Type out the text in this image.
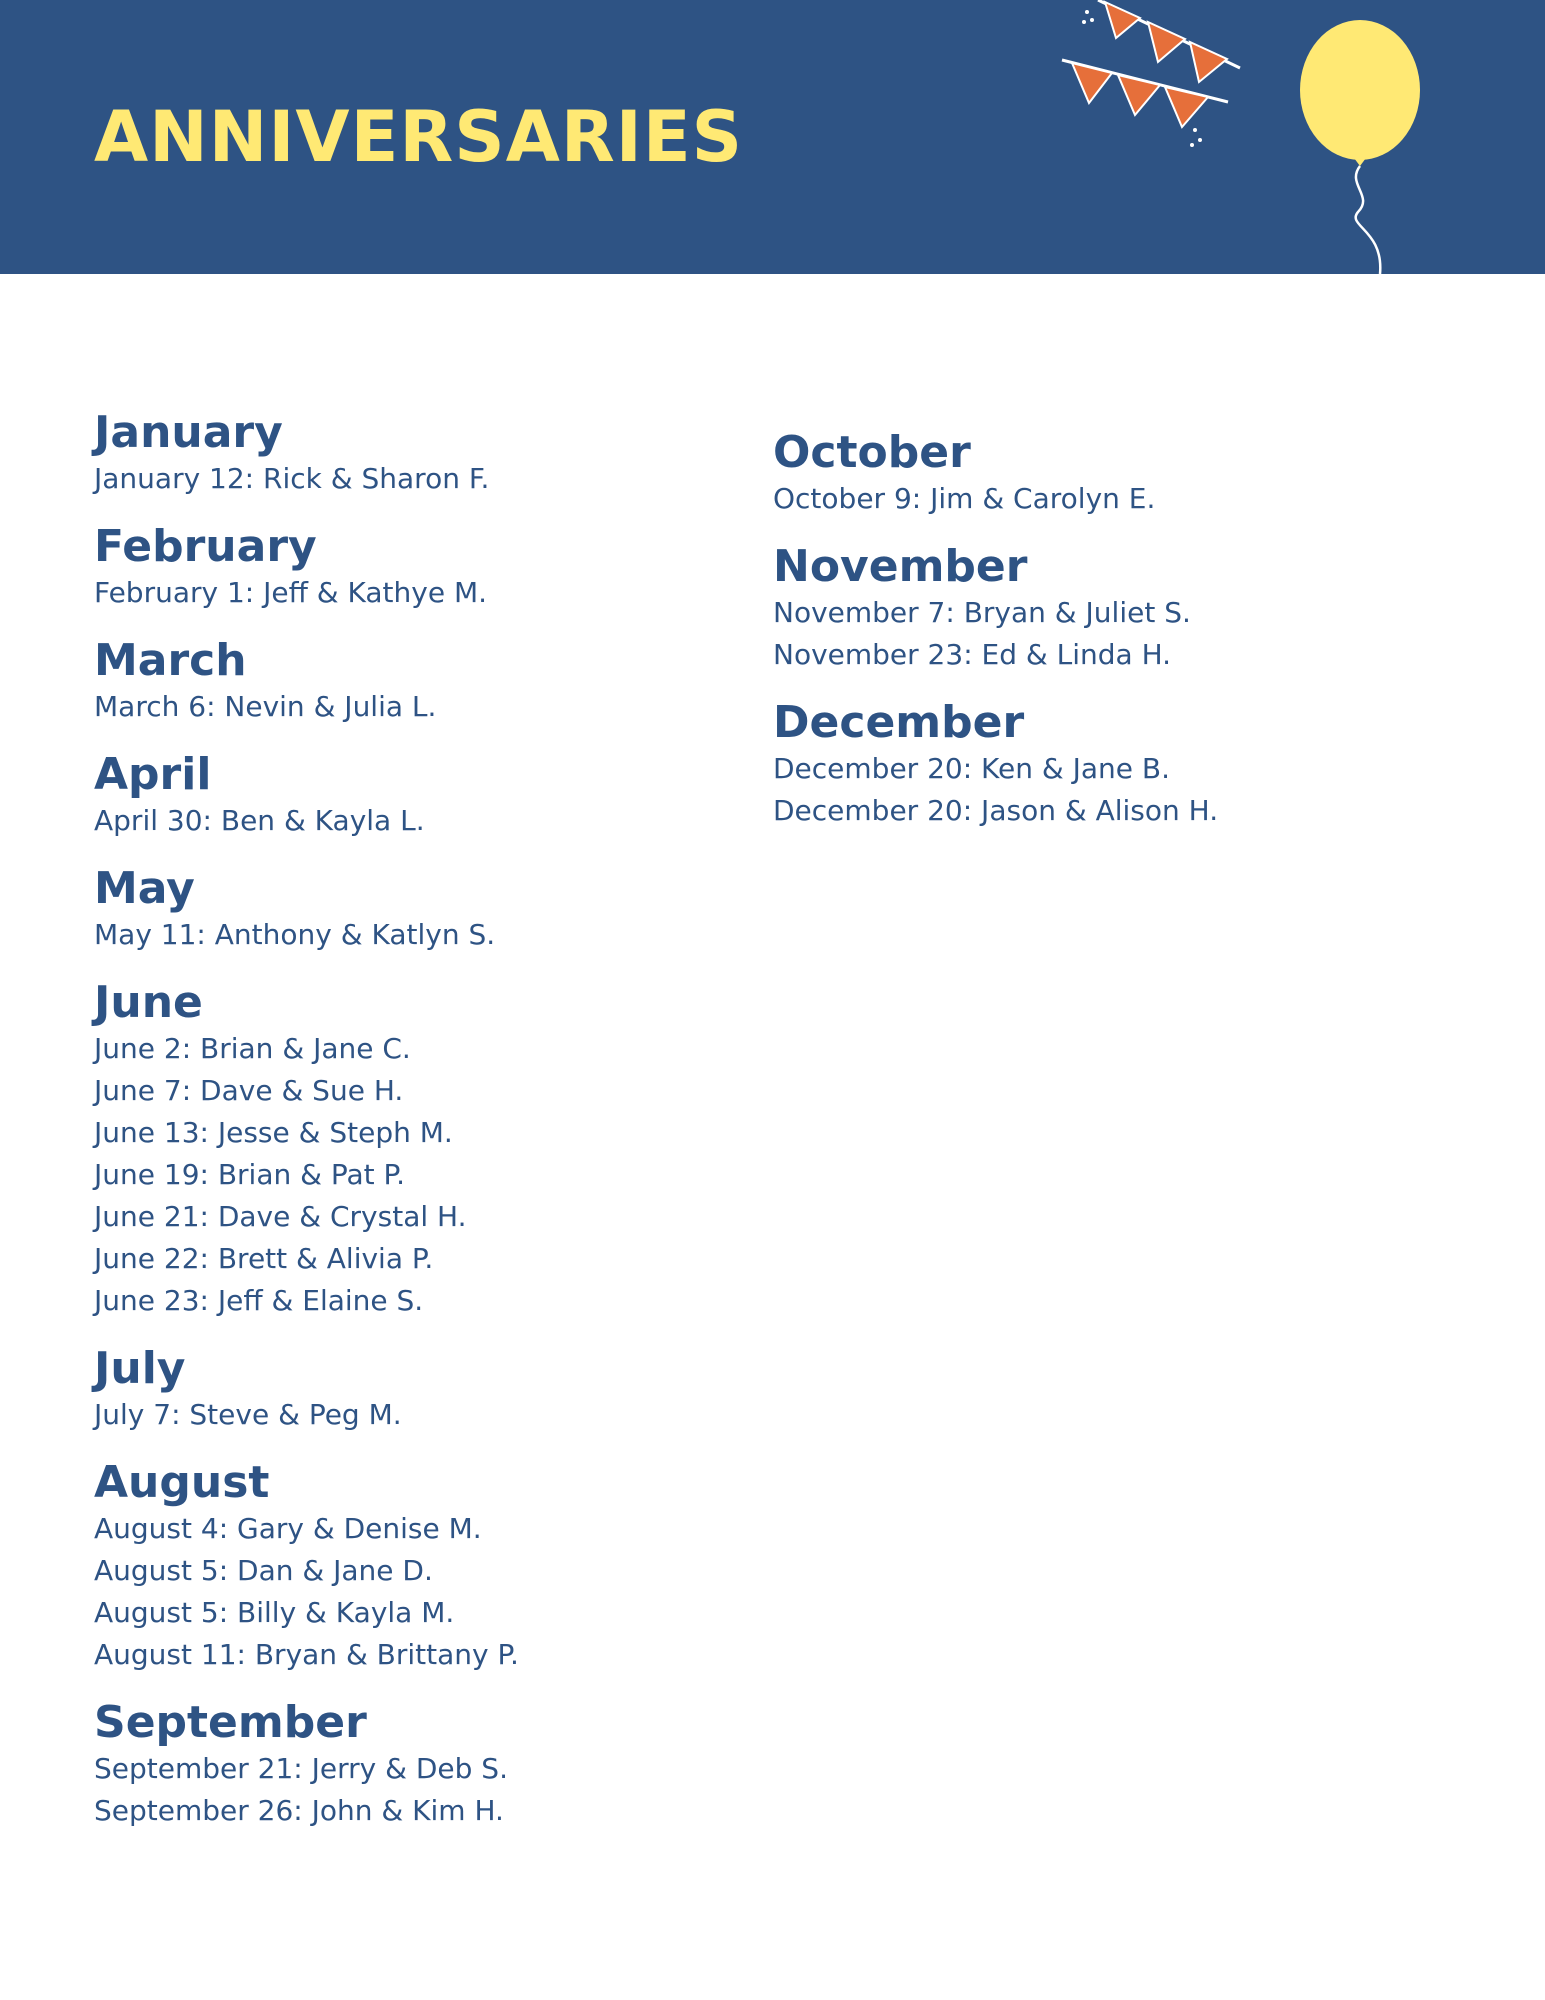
ANNIVERSARIES
January
January 12: Rick & Sharon F.
February
February 1: Jeff & Kathye M.
March
March 6: Nevin & Julia L.
April
April 30: Ben & Kayla L.
May
May 11: Anthony & Katlyn S.
June
June 2: Brian & Jane C.
June 7: Dave & Sue H.
June 13: Jesse & Steph M.
June 19: Brian & Pat P.
June 21: Dave & Crystal H.
June 22: Brett & Alivia P.
June 23: Jeff & Elaine S.
July
July 7: Steve & Peg M.
August
August 4: Gary & Denise M.
August 5: Dan & Jane D.
August 5: Billy & Kayla M.
August 11: Bryan & Brittany P.
September
September 21: Jerry & Deb S.
September 26: John & Kim H.
October
October 9: Jim & Carolyn E.
November
November 7: Bryan & Juliet S.
November 23: Ed & Linda H.
December
December 20: Ken & Jane B.
December 20: Jason & Alison H.
